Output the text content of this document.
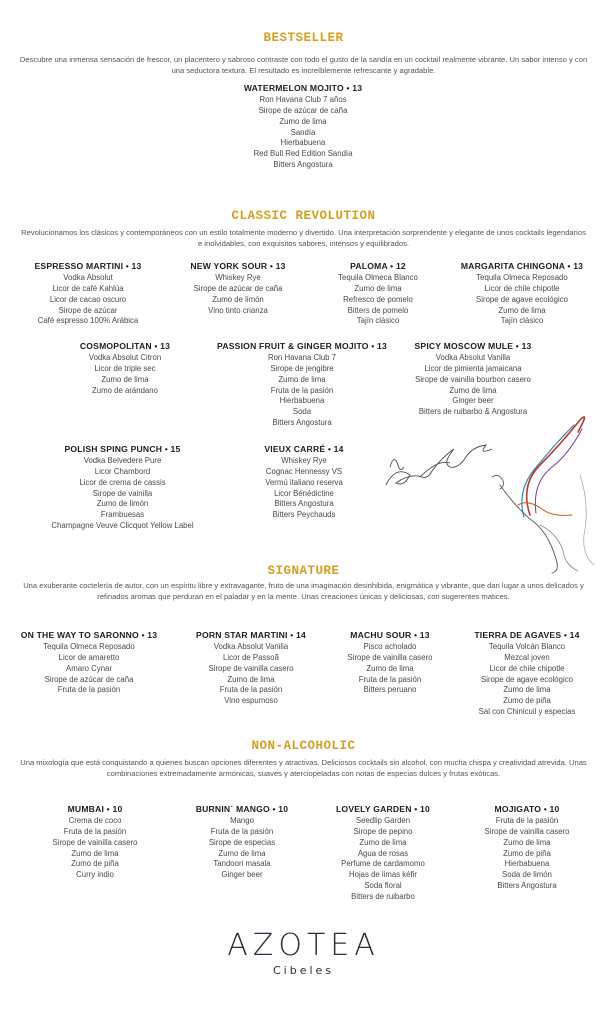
BESTSELLER
Descubre una inmensa sensación de frescor, un placentero y sabroso contraste con todo el gusto de la sandía en un cocktail realmente vibrante. Un sabor intenso y con una seductora textura. El resultado es increíblemente refrescante y agradable.
WATERMELON MOJITO • 13
Ron Havana Club 7 años
Sirope de azúcar de caña
Zumo de lima
Sandía
Hierbabuena
Red Bull Red Edition Sandía
Bitters Angostura
CLASSIC REVOLUTION
Revolucionamos los clásicos y contemporáneos con un estilo totalmente moderno y divertido. Una interpretación sorprendente y elegante de unos cocktails legendarios e inolvidables, con exquisitos sabores, intensos y equilibrados.
ESPRESSO MARTINI • 13
Vodka Absolut
Licor de café Kahlúa
Licor de cacao oscuro
Sirope de azúcar
Café espresso 100% Arábica
NEW YORK SOUR • 13
Whiskey Rye
Sirope de azúcar de caña
Zumo de limón
Vino tinto crianza
PALOMA • 12
Tequila Olmeca Blanco
Zumo de lima
Refresco de pomelo
Bitters de pomelo
Tajín clásico
MARGARITA CHINGONA • 13
Tequila Olmeca Reposado
Licor de chile chipotle
Sirope de agave ecológico
Zumo de lima
Tajín clásico
COSMOPOLITAN • 13
Vodka Absolut Citron
Licor de triple sec
Zumo de lima
Zumo de arándano
PASSION FRUIT & GINGER MOJITO • 13
Ron Havana Club 7
Sirope de jengibre
Zumo de lima
Fruta de la pasión
Hierbabuena
Soda
Bitters Angostura
SPICY MOSCOW MULE • 13
Vodka Absolut Vanilla
Licor de pimienta jamaicana
Sirope de vainilla bourbon casero
Zumo de lima
Ginger beer
Bitters de ruibarbo & Angostura
POLISH SPING PUNCH • 15
Vodka Belvedere Pure
Licor Chambord
Licor de crema de cassis
Sirope de vainilla
Zumo de limón
Frambuesas
Champagne Veuve Clicquot Yellow Label
VIEUX CARRÉ • 14
Whiskey Rye
Cognac Hennessy VS
Vermú italiano reserva
Licor Bénédictine
Bitters Angostura
Bitters Peychauds
SIGNATURE
Una exuberante coctelería de autor, con un espíritu libre y extravagante, fruto de una imaginación desinhibida, enigmática y vibrante, que dan lugar a unos delicados y refinados aromas que perduran en el paladar y en la mente. Unas creaciones únicas y deliciosas, con sugerentes matices.
ON THE WAY TO SARONNO • 13
Tequila Olmeca Reposado
Licor de amaretto
Amaro Cynar
Sirope de azúcar de caña
Fruta de la pasión
PORN STAR MARTINI • 14
Vodka Absolut Vanilia
Licor de Passoã
Sirope de vainilla casero
Zumo de lima
Fruta de la pasión
Vino espumoso
MACHU SOUR • 13
Pisco acholado
Sirope de vainilla casero
Zumo de lima
Fruta de la pasión
Bitters peruano
TIERRA DE AGAVES • 14
Tequila Volcán Blanco
Mezcal joven
Licor de chile chipotle
Sirope de agave ecológico
Zumo de lima
Zumo de piña
Sal con Chinicuil y especias
NON-ALCOHOLIC
Una mixología que está conquistando a quienes buscan opciones diferentes y atractivas. Deliciosos cocktails sin alcohol, con mucha chispa y creatividad atrevida. Unas combinaciones extremadamente armónicas, suaves y aterciopeladas con notas de especias dulces y frutas exóticas.
MUMBAI • 10
Crema de coco
Fruta de la pasión
Sirope de vainilla casero
Zumo de lima
Zumo de piña
Curry indio
BURNIN´ MANGO • 10
Mango
Fruta de la pasión
Sirope de especias
Zumo de lima
Tandoori masala
Ginger beer
LOVELY GARDEN • 10
Seedlip Garden
Sirope de pepino
Zumo de lima
Agua de rosas
Perfume de cardamomo
Hojas de limas kéfir
Soda floral
Bitters de ruibarbo
MOJIGATO • 10
Fruta de la pasión
Sirope de vainilla casero
Zumo de lima
Zumo de piña
Hierbabuena
Soda de limón
Bitters Angostura
AZOTEA
Cibeles
